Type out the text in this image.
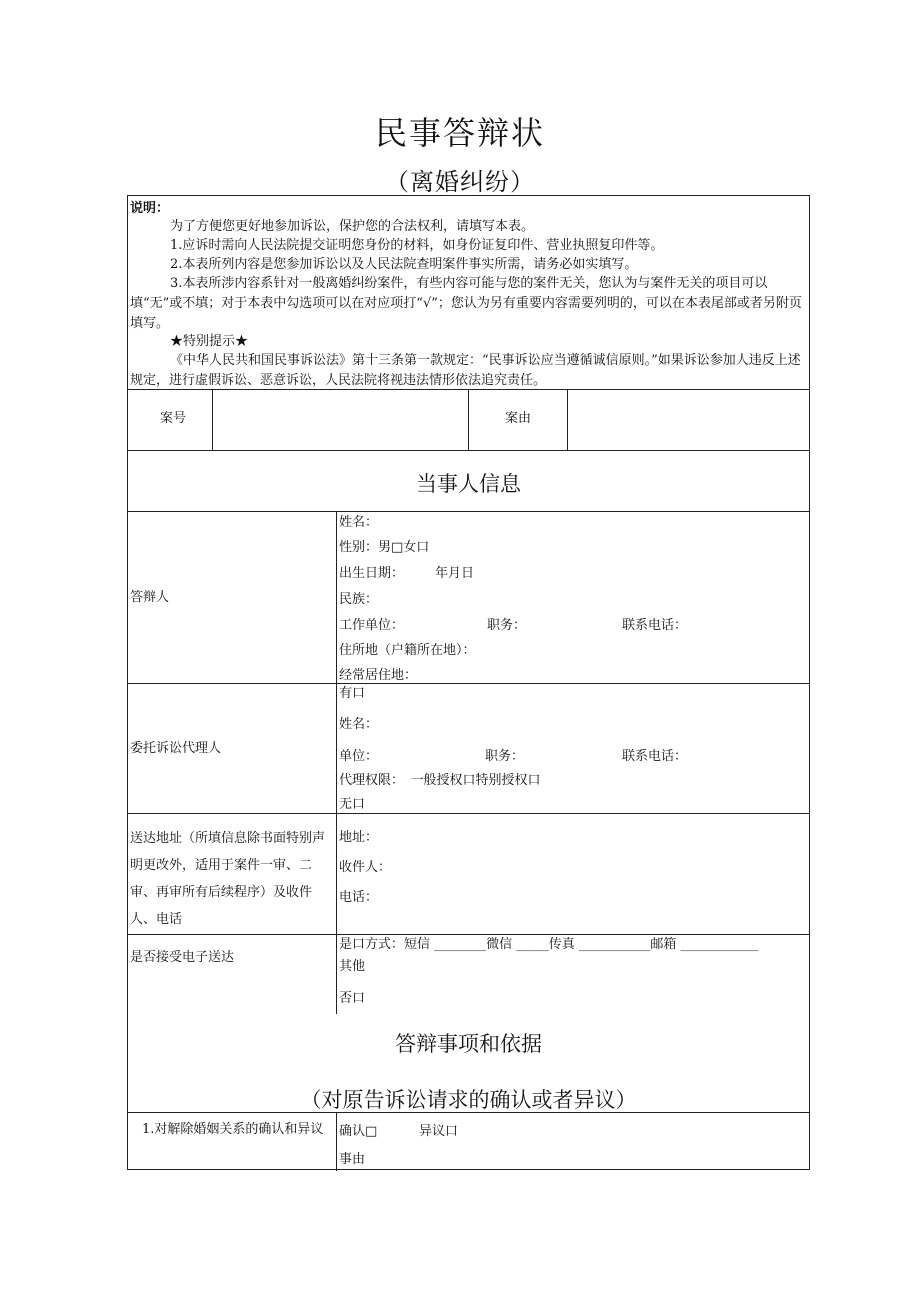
民事答辩状
（离婚纠纷）
说明：
为了方便您更好地参加诉讼，保护您的合法权利，请填写本表。
1.应诉时需向人民法院提交证明您身份的材料，如身份证复印件、营业执照复印件等。
2.本表所列内容是您参加诉讼以及人民法院查明案件事实所需，请务必如实填写。
3.本表所涉内容系针对一般离婚纠纷案件，有些内容可能与您的案件无关，您认为与案件无关的项目可以填“无”或不填；对于本表中勾选项可以在对应项打“√”；您认为另有重要内容需要列明的，可以在本表尾部或者另附页填写。
★特别提示★
《中华人民共和国民事诉讼法》第十三条第一款规定：“民事诉讼应当遵循诚信原则。”如果诉讼参加人违反上述规定，进行虚假诉讼、恶意诉讼，人民法院将视违法情形依法追究责任。
案号	案由
当事人信息
答辩人
姓名：
性别：男□女口
出生日期： 年月日
民族：
工作单位：	职务：	联系电话：
住所地（户籍所在地）：
经常居住地：
委托诉讼代理人
有口
姓名：
单位：	职务：	联系电话：
代理权限：　一般授权口特别授权口
无口
送达地址（所填信息除书面特别声明更改外，适用于案件一审、二审、再审所有后续程序）及收件人、电话
地址：
收件人：
电话：
是否接受电子送达
是口方式：短信 ________微信 _____传真 ___________邮箱 ____________
其他
否口
答辩事项和依据
（对原告诉讼请求的确认或者异议）
1.对解除婚姻关系的确认和异议	确认□	异议口
事由
